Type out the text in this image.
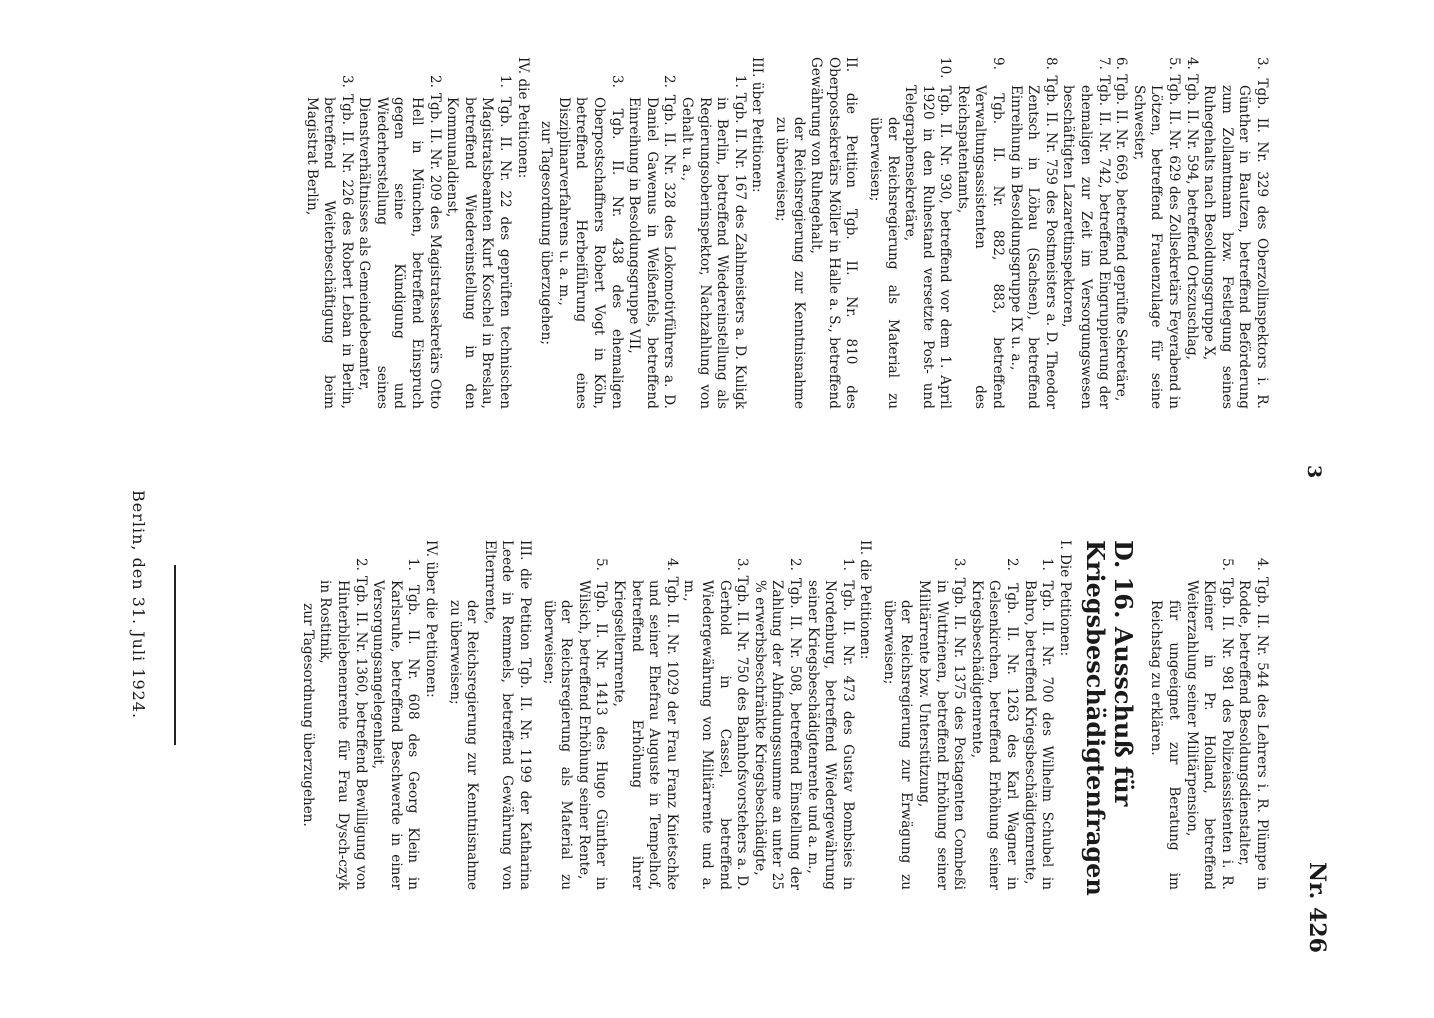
3
Nr. 426

3. Tgb. II. Nr. 329 des Oberzollinspektors i. R. Günther in Bautzen, betreffend Beförderung zum Zollamtmann bzw. Festlegung seines Ruhegehalts nach Besoldungsgruppe X,

4. Tgb. II. Nr. 594, betreffend Ortszuschlag,

5. Tgb. II. Nr. 629 des Zollsekretärs Feyerabend in Lötzen, betreffend Frauenzulage für seine Schwester,

6. Tgb. II. Nr. 669, betreffend geprüfte Sekretäre,

7. Tgb. II. Nr. 742, betreffend Eingruppierung der ehemaligen zur Zeit im Versorgungswesen beschäftigten Lazarettinspektoren,

8. Tgb. II. Nr. 759 des Postmeisters a. D. Theodor Zentsch in Löbau (Sachsen), betreffend Einreihung in Besoldungsgruppe IX u. a.,

9. Tgb. II. Nr. 882, 883, betreffend Verwaltungsassistenten des Reichspatentamts,

10. Tgb. II. Nr. 930, betreffend vor dem 1. April 1920 in den Ruhestand versetzte Post- und Telegraphensekretäre,

der Reichsregierung als Material zu überweisen;

II. die Petition Tgb. II. Nr. 810 des Oberpostsekretärs Möller in Halle a. S., betreffend Gewährung von Ruhegehalt,

der Reichsregierung zur Kenntnisnahme zu überweisen;

III. über Petitionen:

1. Tgb. II. Nr. 167 des Zahlmeisters a. D. Kuligk in Berlin, betreffend Wiedereinstellung als Regierungsoberinspektor, Nachzahlung von Gehalt u. a.,

2. Tgb. II. Nr. 328 des Lokomotivführers a. D. Daniel Gawenus in Weißenfels, betreffend Einreihung in Besoldungsgruppe VII,

3. Tgb. II. Nr. 438 des ehemaligen Oberpostschaffners Robert Vogt in Köln, betreffend Herbeiführung eines Disziplinarverfahrens u. a. m.,

zur Tagesordnung überzugehen;

IV. die Petitionen:

1. Tgb. II. Nr. 22 des geprüften technischen Magistratsbeamten Kurt Koschel in Breslau, betreffend Wiedereinstellung in den Kommunaldienst,

2. Tgb. II. Nr. 209 des Magistratssekretärs Otto Hell in München, betreffend Einspruch gegen seine Kündigung und Wiederherstellung seines Dienstverhältnisses als Gemeindebeamter,

3. Tgb. II. Nr. 226 des Robert Leban in Berlin, betreffend Weiterbeschäftigung beim Magistrat Berlin,

4. Tgb. II. Nr. 544 des Lehrers i. R. Plümpe in Rodde, betreffend Besoldungsdienstalter,

5. Tgb. II. Nr. 981 des Polizeiassistenten i. R. Kleiner in Pr. Holland, betreffend Weiterzahlung seiner Militärpension,

für ungeeignet zur Beratung im Reichstag zu erklären.

D. 16. Ausschuß für Kriegsbeschädigtenfragen

I. Die Petitionen:

1. Tgb. II. Nr. 700 des Wilhelm Schubel in Bahro, betreffend Kriegsbeschädigtenrente,

2. Tgb. II. Nr. 1263 des Karl Wagner in Gelsenkirchen, betreffend Erhöhung seiner Kriegsbeschädigtenrente,

3. Tgb. II. Nr. 1375 des Postagenten Combeßi in Wuttrienen, betreffend Erhöhung seiner Militärrente bzw. Unterstützung,

der Reichsregierung zur Erwägung zu überweisen;

II. die Petitionen:

1. Tgb. II. Nr. 473 des Gustav Bombsies in Nordenburg, betreffend Wiedergewährung seiner Kriegsbeschädigtenrente und a. m.,

2. Tgb. II. Nr. 508, betreffend Einstellung der Zahlung der Abfindungssumme an unter 25 % erwerbsbeschränkte Kriegsbeschädigte,

3. Tgb. II. Nr. 750 des Bahnhofsvorstehers a. D. Gerhold in Cassel, betreffend Wiedergewährung von Militärrente und a. m.,

4. Tgb. II. Nr. 1029 der Frau Franz Knietschke und seiner Ehefrau Auguste in Tempelhof, betreffend Erhöhung ihrer Kriegselternrente,

5. Tgb. II. Nr. 1413 des Hugo Günther in Wilsich, betreffend Erhöhung seiner Rente,

der Reichsregierung als Material zu überweisen;

III. die Petition Tgb. II. Nr. 1199 der Katharina Leede in Remmels, betreffend Gewährung von Elternrente,

der Reichsregierung zur Kenntnisnahme zu überweisen;

IV. über die Petitionen:

1. Tgb. II. Nr. 608 des Georg Klein in Karlsruhe, betreffend Beschwerde in einer Versorgungsangelegenheit,

2. Tgb. II. Nr. 1360, betreffend Bewilligung von Hinterbliebenenrente für Frau Dysch-czyk in Rostitnik,

zur Tagesordnung überzugehen.

Berlin, den 31. Juli 1924.
